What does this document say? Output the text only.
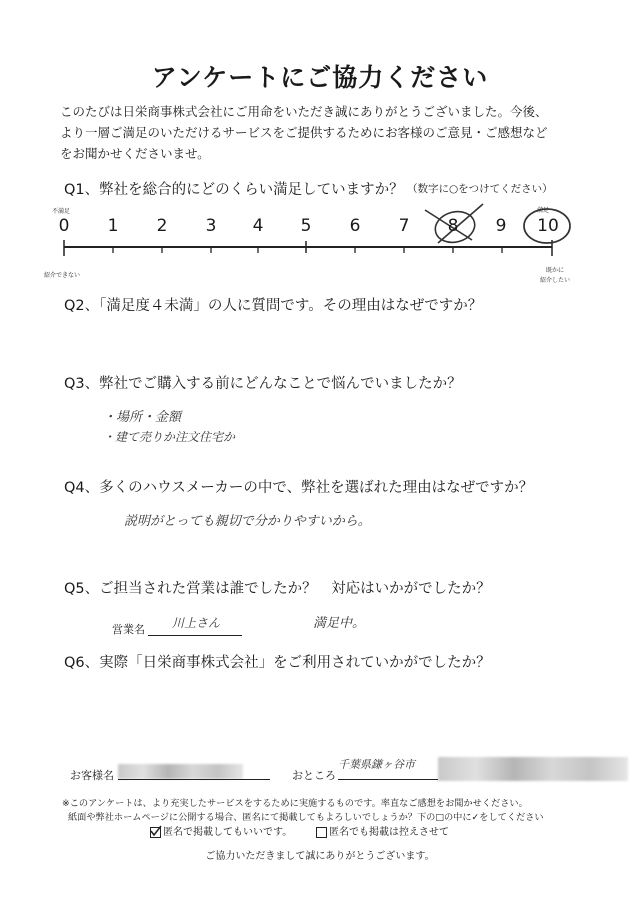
アンケートにご協力ください
このたびは日栄商事株式会社にご用命をいただき誠にありがとうございました。今後、
より一層ご満足のいただけるサービスをご提供するためにお客様のご意見・ご感想など
をお聞かせくださいませ。
Q1、弊社を総合的にどのくらい満足していますか？ （数字に○をつけてください）
不満足	満足
0 1 2 3 4 5 6 7 8 9 10
紹介できない
既かに
紹介したい
Q2、「満足度４未満」の人に質問です。その理由はなぜですか？
Q3、弊社でご購入する前にどんなことで悩んでいましたか？
・場所・金額
・建て売りか注文住宅か
Q4、多くのハウスメーカーの中で、弊社を選ばれた理由はなぜですか？
説明がとっても親切で分かりやすいから。
Q5、ご担当された営業は誰でしたか？　対応はいかがでしたか？
営業名 川上さん	満足中。
Q6、実際「日栄商事株式会社」をご利用されていかがでしたか？
お客様名	おところ
千葉県鎌ヶ谷市
※このアンケートは、より充実したサービスをするために実施するものです。率直なご感想をお聞かせください。
紙面や弊社ホームページに公開する場合、匿名にて掲載してもよろしいでしょうか？下の□の中に✓をしてください
匿名で掲載してもいいです。	匿名でも掲載は控えさせて
ご協力いただきまして誠にありがとうございます。
